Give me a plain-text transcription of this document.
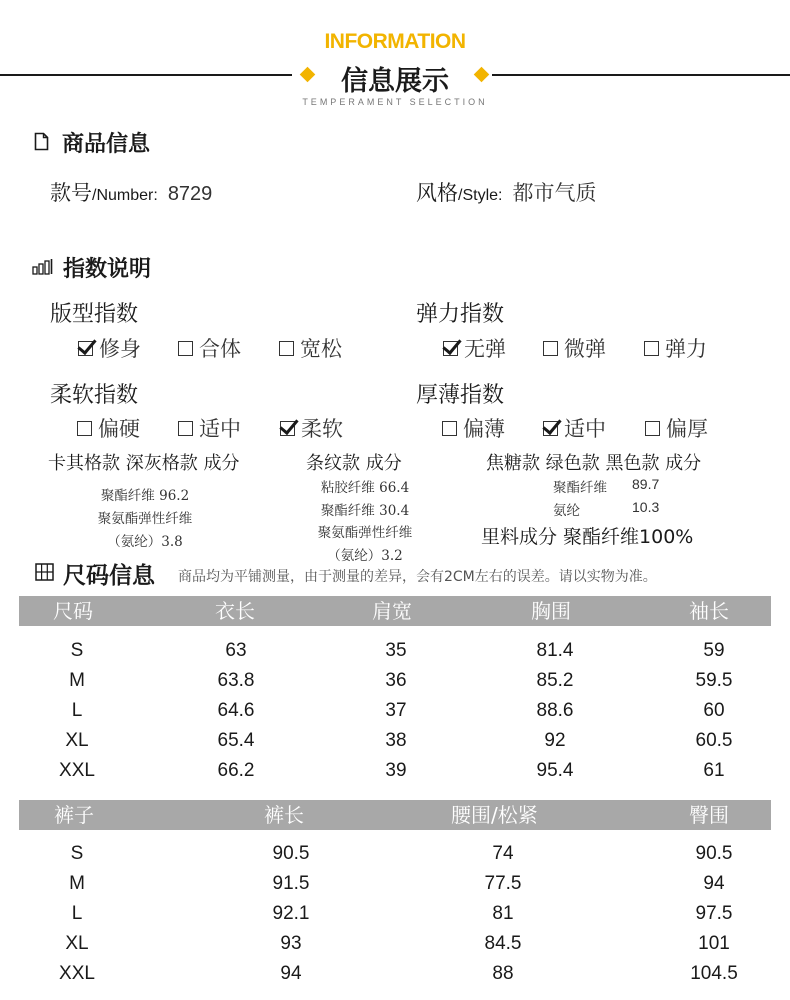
INFORMATION
信息展示
TEMPERAMENT SELECTION
商品信息
款号 /Number : 8729	风格 /Style : 都市气质
指数说明
版型指数
修身	合体	宽松
弹力指数
无弹	微弹	弹力
柔软指数
偏硬	适中	柔软
厚薄指数
偏薄	适中	偏厚
卡其格款 深灰格款 成分
聚酯纤维 96.2
聚氨酯弹性纤维
（氨纶）3.8
条纹款 成分
粘胶纤维 66.4
聚酯纤维 30.4
聚氨酯弹性纤维
（氨纶）3.2
焦糖款 绿色款 黑色款 成分
聚酯纤维 89.7
氨纶	10.3
里料成分 聚酯纤维100%
尺码信息 商品均为平铺测量，由于测量的差异，会有2CM左右的误差。请以实物为准。
尺码	衣长	肩宽	胸围	袖长
S	63	35	81.4	59
M	63.8	36	85.2	59.5
L	64.6	37	88.6	60
XL	65.4	38	92	60.5
XXL	66.2	39	95.4	61
裤子	裤长	腰围/松紧	臀围
S	90.5	74	90.5
M	91.5	77.5	94
L	92.1	81	97.5
XL	93	84.5	101
XXL	94	88	104.5
